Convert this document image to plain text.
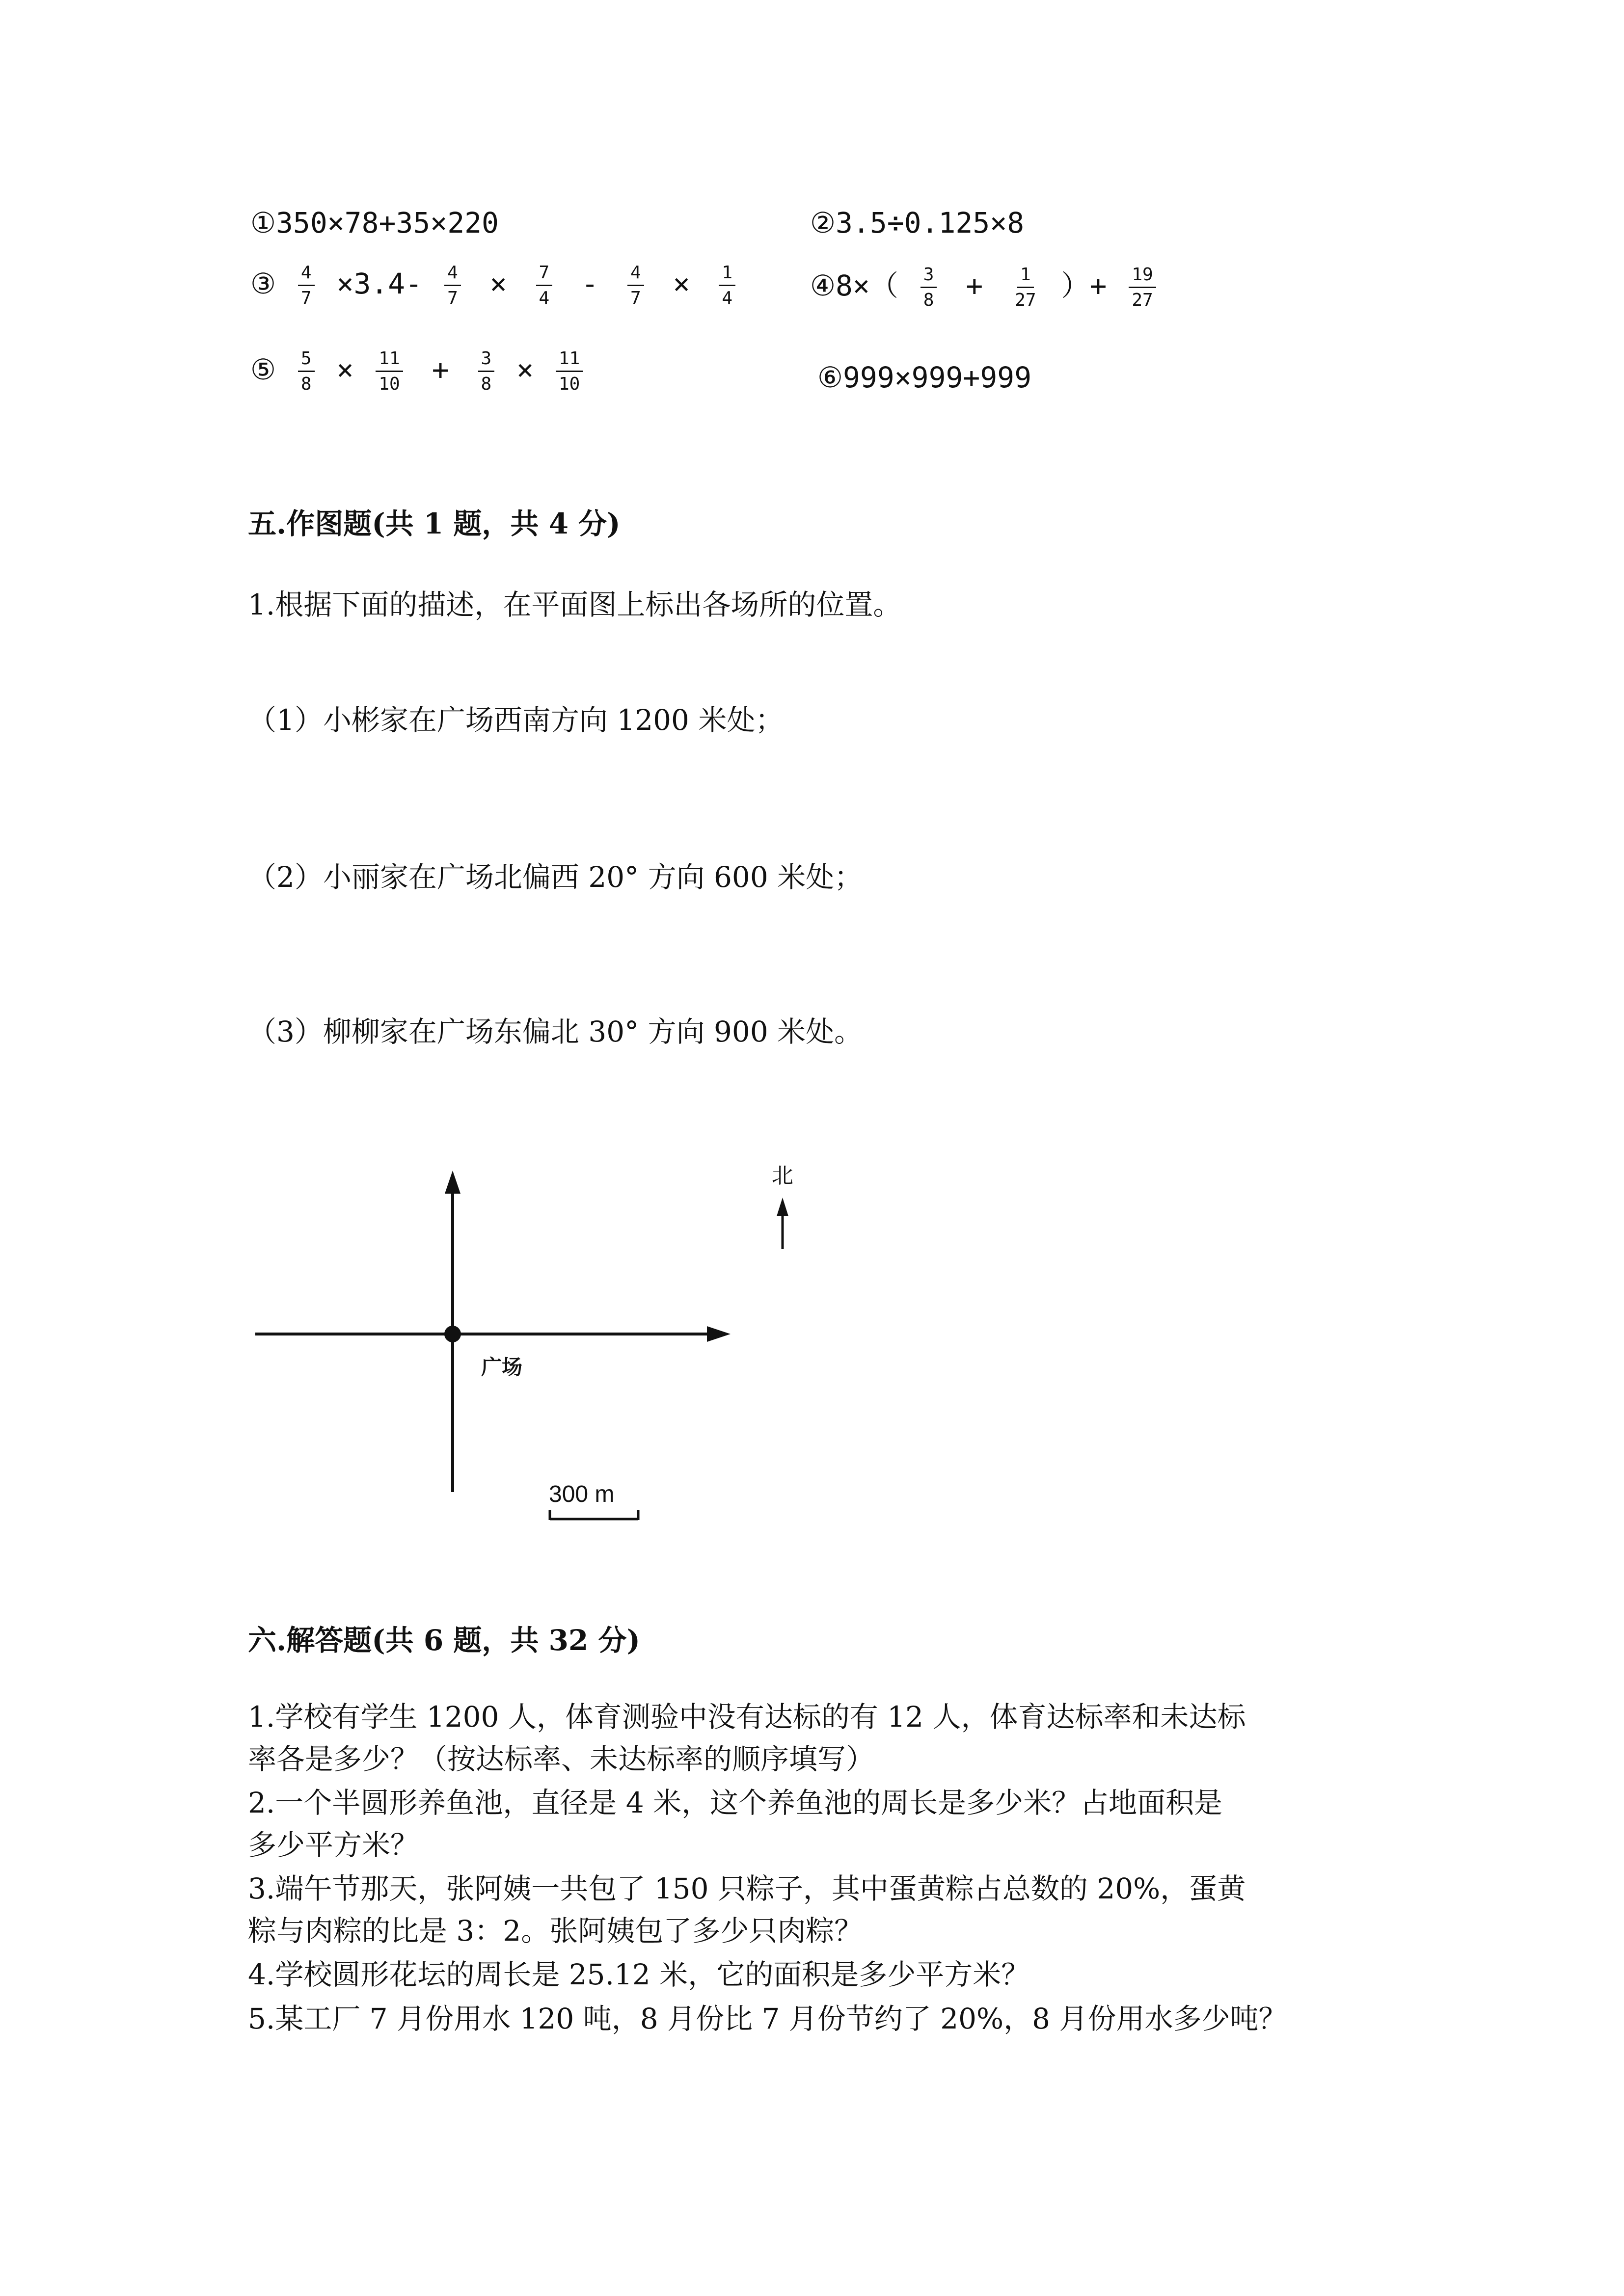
①350×78+35×220	②3.5÷0.125×8
③ $\frac{4}{7} \times 3.4- \frac{4}{7} \times \frac{7}{4} - \frac{4}{7} \times \frac{1}{4}$	④8×（ $\frac{3}{8} + \frac{1}{27}$ ）+ $\frac{19}{27}$
⑤ $\frac{5}{8} \times \frac{11}{10} + \frac{3}{8} \times \frac{11}{10}$	⑥999×999+999
五.作图题(共 1 题，共 4 分)
1.根据下面的描述，在平面图上标出各场所的位置。
（1）小彬家在广场西南方向 1200 米处；
（2）小丽家在广场北偏西 20° 方向 600 米处；
（3）柳柳家在广场东偏北 30° 方向 900 米处。
广场
北
300 m
六.解答题(共 6 题，共 32 分)
1.学校有学生 1200 人，体育测验中没有达标的有 12 人，体育达标率和未达标
率各是多少？（按达标率、未达标率的顺序填写）
2.一个半圆形养鱼池，直径是 4 米，这个养鱼池的周长是多少米？占地面积是
多少平方米？
3.端午节那天，张阿姨一共包了 150 只粽子，其中蛋黄粽占总数的 20%，蛋黄
粽与肉粽的比是 3：2。张阿姨包了多少只肉粽？
4.学校圆形花坛的周长是 25.12 米，它的面积是多少平方米？
5.某工厂 7 月份用水 120 吨，8 月份比 7 月份节约了 20%，8 月份用水多少吨？
